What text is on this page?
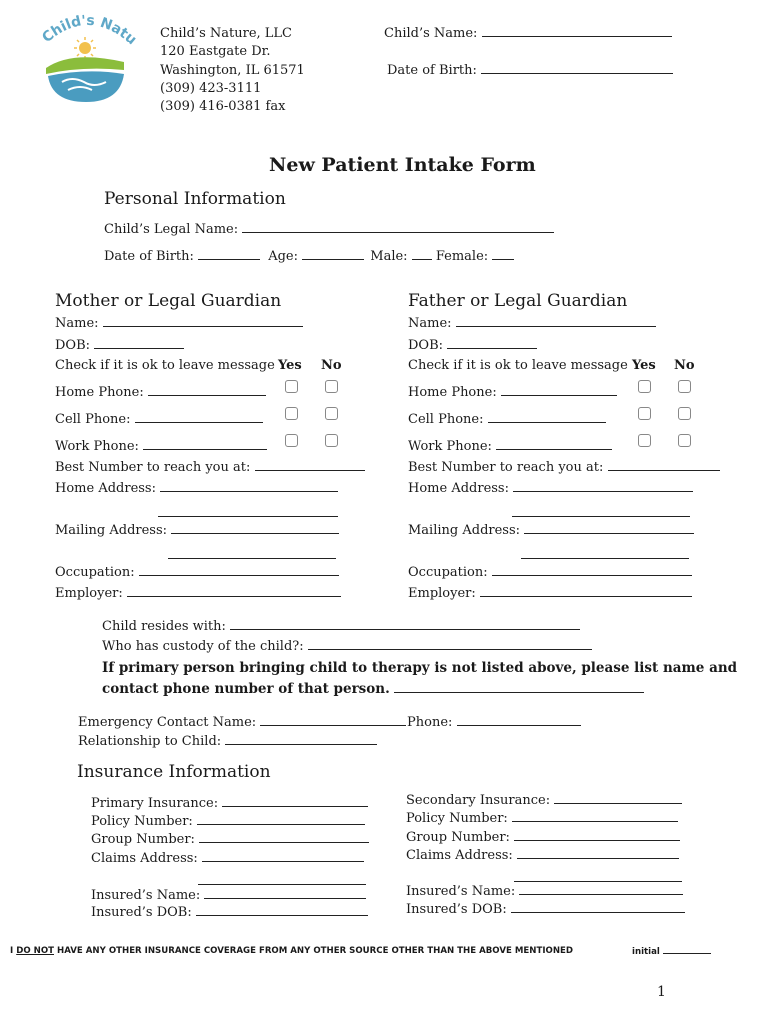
Child's Natu Child’s Nature, LLC
120 Eastgate Dr.
Washington, IL 61571
(309) 423-3111
(309) 416-0381 fax
Child’s Name:
Date of Birth:
New Patient Intake Form
Personal Information
Child’s Legal Name:
Date of Birth:	Age:	Male: Female:
Mother or Legal Guardian
Name:
DOB:
Check if it is ok to leave message Yes No
Home Phone:
Cell Phone:
Work Phone:
Best Number to reach you at:
Home Address:
Mailing Address:
Occupation:
Employer:
Father or Legal Guardian
Name:
DOB:
Check if it is ok to leave message Yes No
Home Phone:
Cell Phone:
Work Phone:
Best Number to reach you at:
Home Address:
Mailing Address:
Occupation:
Employer:
Child resides with:
Who has custody of the child?:
If primary person bringing child to therapy is not listed above, please list name and
contact phone number of that person.
Emergency Contact Name:	Phone:
Relationship to Child:
Insurance Information
Primary Insurance:
Policy Number:
Group Number:
Claims Address:
Insured’s Name:
Insured’s DOB:
Secondary Insurance:
Policy Number:
Group Number:
Claims Address:
Insured’s Name:
Insured’s DOB:
I DO NOT HAVE ANY OTHER INSURANCE COVERAGE FROM ANY OTHER SOURCE OTHER THAN THE ABOVE MENTIONED	initial
1
